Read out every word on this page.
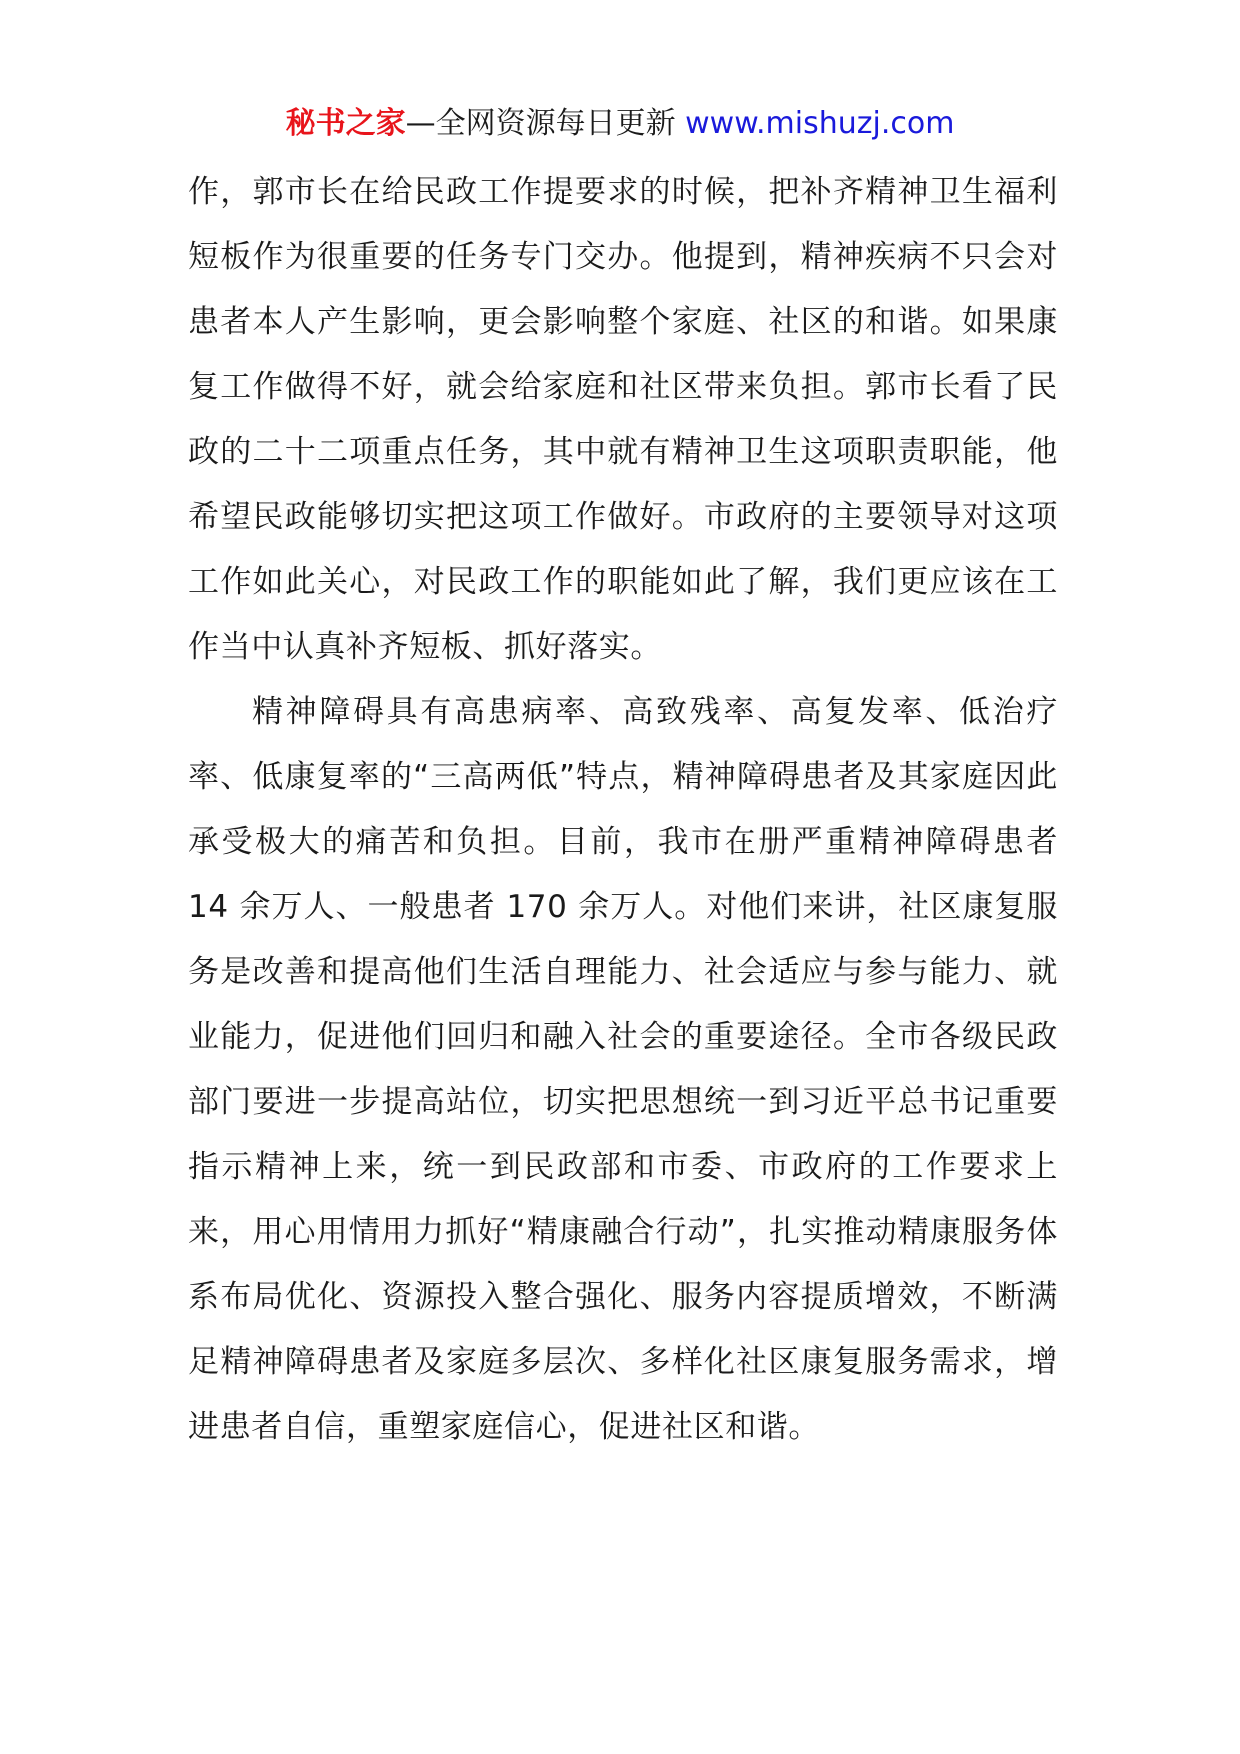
秘书之家—全网资源每日更新 www.mishuzj.com

作，郭市长在给民政工作提要求的时候，把补齐精神卫生福利短板作为很重要的任务专门交办。他提到，精神疾病不只会对患者本人产生影响，更会影响整个家庭、社区的和谐。如果康复工作做得不好，就会给家庭和社区带来负担。郭市长看了民政的二十二项重点任务，其中就有精神卫生这项职责职能，他希望民政能够切实把这项工作做好。市政府的主要领导对这项工作如此关心，对民政工作的职能如此了解，我们更应该在工作当中认真补齐短板、抓好落实。

精神障碍具有高患病率、高致残率、高复发率、低治疗率、低康复率的“三高两低”特点，精神障碍患者及其家庭因此承受极大的痛苦和负担。目前，我市在册严重精神障碍患者 14 余万人、一般患者 170 余万人。对他们来讲，社区康复服务是改善和提高他们生活自理能力、社会适应与参与能力、就业能力，促进他们回归和融入社会的重要途径。全市各级民政部门要进一步提高站位，切实把思想统一到习近平总书记重要指示精神上来，统一到民政部和市委、市政府的工作要求上来，用心用情用力抓好“精康融合行动”，扎实推动精康服务体系布局优化、资源投入整合强化、服务内容提质增效，不断满足精神障碍患者及家庭多层次、多样化社区康复服务需求，增进患者自信，重塑家庭信心，促进社区和谐。
